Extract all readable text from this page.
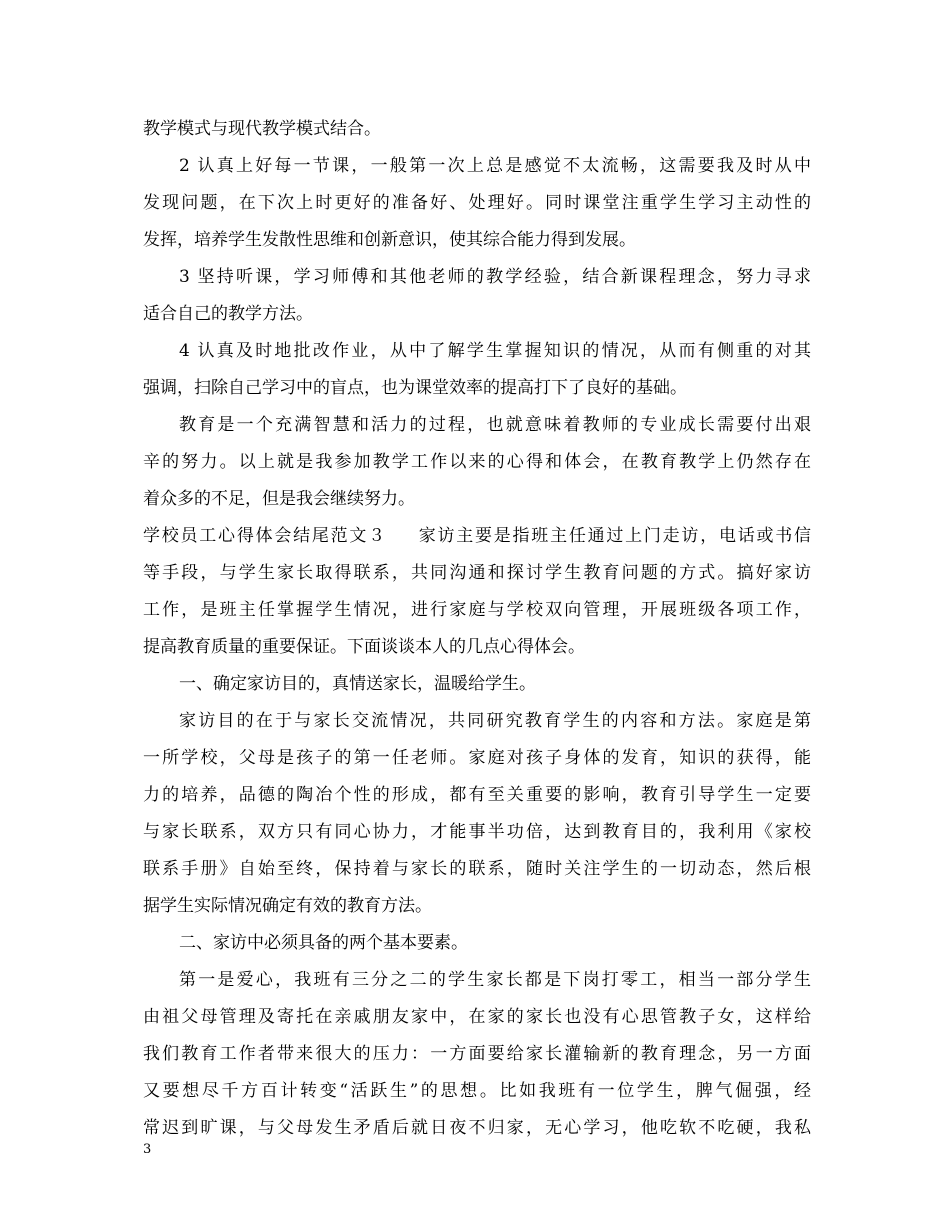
教学模式与现代教学模式结合。
2 认真上好每一节课，一般第一次上总是感觉不太流畅，这需要我及时从中
发现问题，在下次上时更好的准备好、处理好。同时课堂注重学生学习主动性的
发挥，培养学生发散性思维和创新意识，使其综合能力得到发展。
3 坚持听课，学习师傅和其他老师的教学经验，结合新课程理念，努力寻求
适合自己的教学方法。
4 认真及时地批改作业，从中了解学生掌握知识的情况，从而有侧重的对其
强调，扫除自己学习中的盲点，也为课堂效率的提高打下了良好的基础。
教育是一个充满智慧和活力的过程，也就意味着教师的专业成长需要付出艰
辛的努力。以上就是我参加教学工作以来的心得和体会，在教育教学上仍然存在
着众多的不足，但是我会继续努力。
学校员工心得体会结尾范文３ 家访主要是指班主任通过上门走访，电话或书信
等手段，与学生家长取得联系，共同沟通和探讨学生教育问题的方式。搞好家访
工作，是班主任掌握学生情况，进行家庭与学校双向管理，开展班级各项工作，
提高教育质量的重要保证。下面谈谈本人的几点心得体会。
一、确定家访目的，真情送家长，温暖给学生。
家访目的在于与家长交流情况，共同研究教育学生的内容和方法。家庭是第
一所学校，父母是孩子的第一任老师。家庭对孩子身体的发育，知识的获得，能
力的培养，品德的陶冶个性的形成，都有至关重要的影响，教育引导学生一定要
与家长联系，双方只有同心协力，才能事半功倍，达到教育目的，我利用《家校
联系手册》自始至终，保持着与家长的联系，随时关注学生的一切动态，然后根
据学生实际情况确定有效的教育方法。
二、家访中必须具备的两个基本要素。
第一是爱心，我班有三分之二的学生家长都是下岗打零工，相当一部分学生
由祖父母管理及寄托在亲戚朋友家中，在家的家长也没有心思管教子女，这样给
我们教育工作者带来很大的压力：一方面要给家长灌输新的教育理念，另一方面
又要想尽千方百计转变“活跃生”的思想。比如我班有一位学生，脾气倔强，经
常迟到旷课，与父母发生矛盾后就日夜不归家，无心学习，他吃软不吃硬，我私
3
